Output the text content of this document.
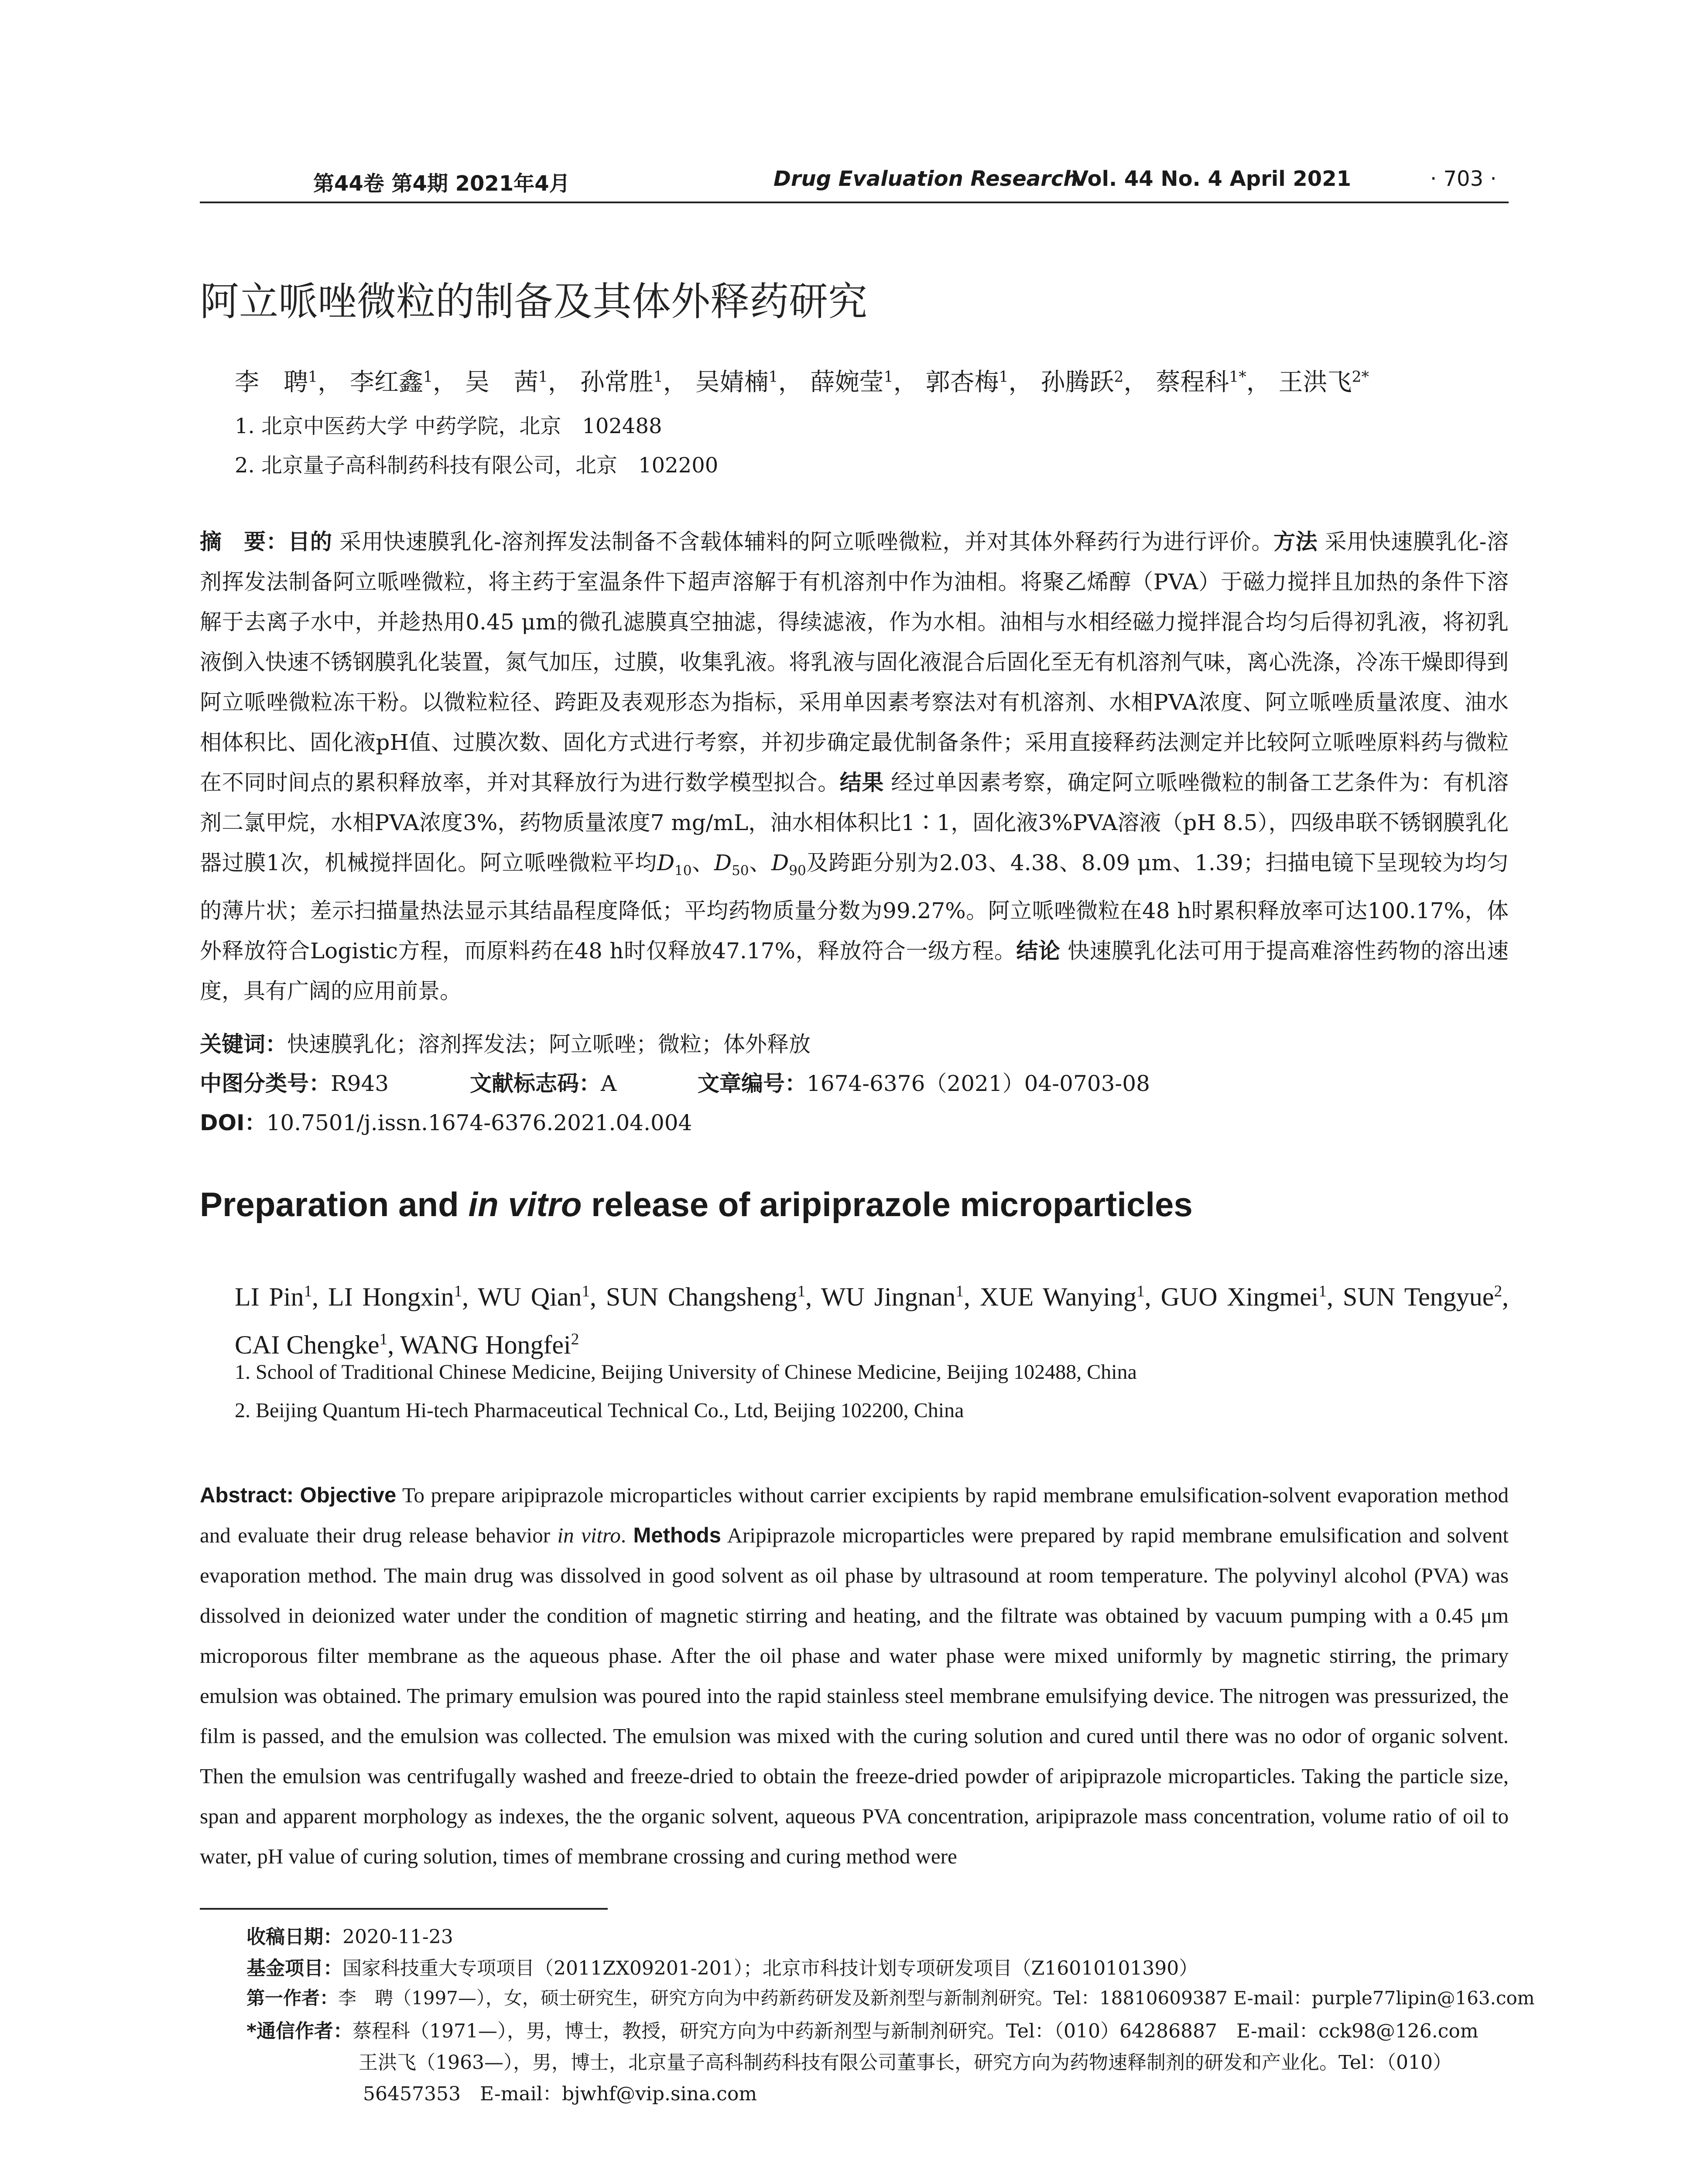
第44卷 第4期 2021年4月	Drug Evaluation Research
Vol. 44 No. 4 April 2021	· 703 ·
阿立哌唑微粒的制备及其体外释药研究
李　聘$^1$， 李红鑫$^1$， 吴　茜$^1$， 孙常胜$^1$， 吴婧楠$^1$， 薛婉莹$^1$， 郭杏梅$^1$， 孙腾跃$^2$， 蔡程科$^{1*}$， 王洪飞$^{2*}$
1. 北京中医药大学 中药学院，北京　102488
2. 北京量子高科制药科技有限公司，北京　102200
摘　要：目的 采用快速膜乳化-溶剂挥发法制备不含载体辅料的阿立哌唑微粒，并对其体外释药行为进行评价。方法 采用快速膜乳化-溶剂挥发法制备阿立哌唑微粒，将主药于室温条件下超声溶解于有机溶剂中作为油相。将聚乙烯醇（PVA）于磁力搅拌且加热的条件下溶解于去离子水中，并趁热用0.45 μm的微孔滤膜真空抽滤，得续滤液，作为水相。油相与水相经磁力搅拌混合均匀后得初乳液，将初乳液倒入快速不锈钢膜乳化装置，氮气加压，过膜，收集乳液。将乳液与固化液混合后固化至无有机溶剂气味，离心洗涤，冷冻干燥即得到阿立哌唑微粒冻干粉。以微粒粒径、跨距及表观形态为指标，采用单因素考察法对有机溶剂、水相PVA浓度、阿立哌唑质量浓度、油水相体积比、固化液pH值、过膜次数、固化方式进行考察，并初步确定最优制备条件；采用直接释药法测定并比较阿立哌唑原料药与微粒在不同时间点的累积释放率，并对其释放行为进行数学模型拟合。结果 经过单因素考察，确定阿立哌唑微粒的制备工艺条件为：有机溶剂二氯甲烷，水相PVA浓度3%，药物质量浓度7 mg/mL，油水相体积比1∶1，固化液3%PVA溶液（pH 8.5），四级串联不锈钢膜乳化器过膜1次，机械搅拌固化。阿立哌唑微粒平均$D_{10}$、$D_{50}$、$D_{90}$及跨距分别为2.03、4.38、8.09 μm、1.39；扫描电镜下呈现较为均匀的薄片状；差示扫描量热法显示其结晶程度降低；平均药物质量分数为99.27%。阿立哌唑微粒在48 h时累积释放率可达100.17%，体外释放符合Logistic方程，而原料药在48 h时仅释放47.17%，释放符合一级方程。结论 快速膜乳化法可用于提高难溶性药物的溶出速度，具有广阔的应用前景。
关键词：快速膜乳化；溶剂挥发法；阿立哌唑；微粒；体外释放
中图分类号：R943	文献标志码：A	文章编号：1674-6376（2021）04-0703-08
DOI：10.7501/j.issn.1674-6376.2021.04.004
Preparation and in vitro release of aripiprazole microparticles
LI Pin$^1$, LI Hongxin$^1$, WU Qian$^1$, SUN Changsheng$^1$, WU Jingnan$^1$, XUE Wanying$^1$, GUO Xingmei$^1$, SUN Tengyue$^2$, CAI Chengke$^1$, WANG Hongfei$^2$
1. School of Traditional Chinese Medicine, Beijing University of Chinese Medicine, Beijing 102488, China
2. Beijing Quantum Hi-tech Pharmaceutical Technical Co., Ltd, Beijing 102200, China
Abstract: Objective To prepare aripiprazole microparticles without carrier excipients by rapid membrane emulsification-solvent evaporation method and evaluate their drug release behavior in vitro. Methods Aripiprazole microparticles were prepared by rapid membrane emulsification and solvent evaporation method. The main drug was dissolved in good solvent as oil phase by ultrasound at room temperature. The polyvinyl alcohol (PVA) was dissolved in deionized water under the condition of magnetic stirring and heating, and the filtrate was obtained by vacuum pumping with a 0.45 μm microporous filter membrane as the aqueous phase. After the oil phase and water phase were mixed uniformly by magnetic stirring, the primary emulsion was obtained. The primary emulsion was poured into the rapid stainless steel membrane emulsifying device. The nitrogen was pressurized, the film is passed, and the emulsion was collected. The emulsion was mixed with the curing solution and cured until there was no odor of organic solvent. Then the emulsion was centrifugally washed and freeze-dried to obtain the freeze-dried powder of aripiprazole microparticles. Taking the particle size, span and apparent morphology as indexes, the the organic solvent, aqueous PVA concentration, aripiprazole mass concentration, volume ratio of oil to water, pH value of curing solution, times of membrane crossing and curing method were
收稿日期：2020-11-23
基金项目：国家科技重大专项项目（2011ZX09201-201）；北京市科技计划专项研发项目（Z16010101390）
第一作者：李　聘（1997—），女，硕士研究生，研究方向为中药新药研发及新剂型与新制剂研究。Tel：18810609387 E-mail：purple77lipin@163.com
*通信作者：蔡程科（1971—），男，博士，教授，研究方向为中药新剂型与新制剂研究。Tel：（010）64286887　E-mail：cck98@126.com
王洪飞（1963—），男，博士，北京量子高科制药科技有限公司董事长，研究方向为药物速释制剂的研发和产业化。Tel：（010）
56457353　E-mail：bjwhf@vip.sina.com
